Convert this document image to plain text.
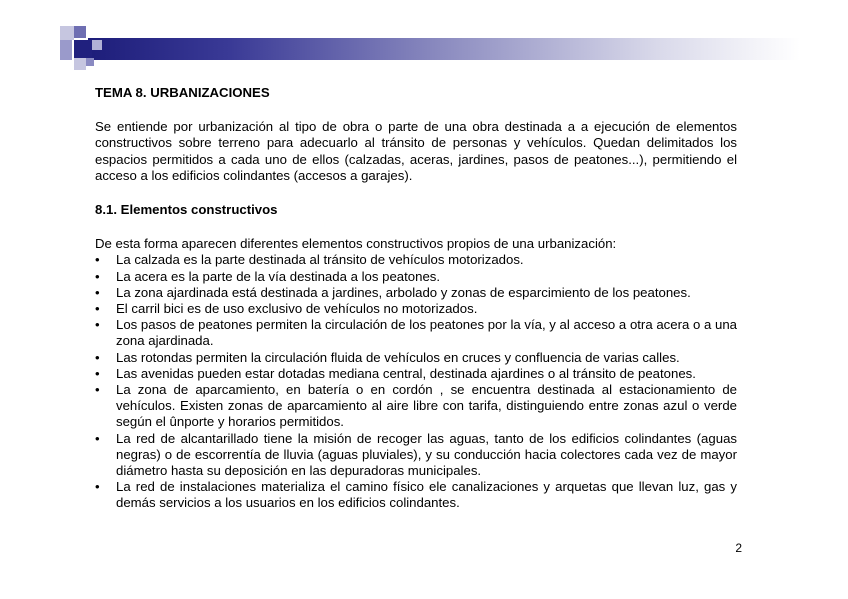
TEMA 8. URBANIZACIONES

Se entiende por urbanización al tipo de obra o parte de una obra destinada a a ejecución de elementos constructivos sobre terreno para adecuarlo al tránsito de personas y vehículos. Quedan delimitados los espacios permitidos a cada uno de ellos (calzadas, aceras, jardines, pasos de peatones...), permitiendo el acceso a los edificios colindantes (accesos a garajes).

8.1. Elementos constructivos

De esta forma aparecen diferentes elementos constructivos propios de una urbanización:

• La calzada es la parte destinada al tránsito de vehículos motorizados.
• La acera es la parte de la vía destinada a los peatones.
• La zona ajardinada está destinada a jardines, arbolado y zonas de esparcimiento de los peatones.
• El carril bici es de uso exclusivo de vehículos no motorizados.
• Los pasos de peatones permiten la circulación de los peatones por la vía, y al acceso a otra acera o a una zona ajardinada.
• Las rotondas permiten la circulación fluida de vehículos en cruces y confluencia de varias calles.
• Las avenidas pueden estar dotadas mediana central, destinada ajardines o al tránsito de peatones.
• La zona de aparcamiento, en batería o en cordón , se encuentra destinada al estacionamiento de vehículos. Existen zonas de aparcamiento al aire libre con tarifa, distinguiendo entre zonas azul o verde según el ûnporte y horarios permitidos.
• La red de alcantarillado tiene la misión de recoger las aguas, tanto de los edificios colindantes (aguas negras) o de escorrentía de lluvia (aguas pluviales), y su conducción hacia colectores cada vez de mayor diámetro hasta su deposición en las depuradoras municipales.
• La red de instalaciones materializa el camino físico ele canalizaciones y arquetas que llevan luz, gas y demás servicios a los usuarios en los edificios colindantes.
2
